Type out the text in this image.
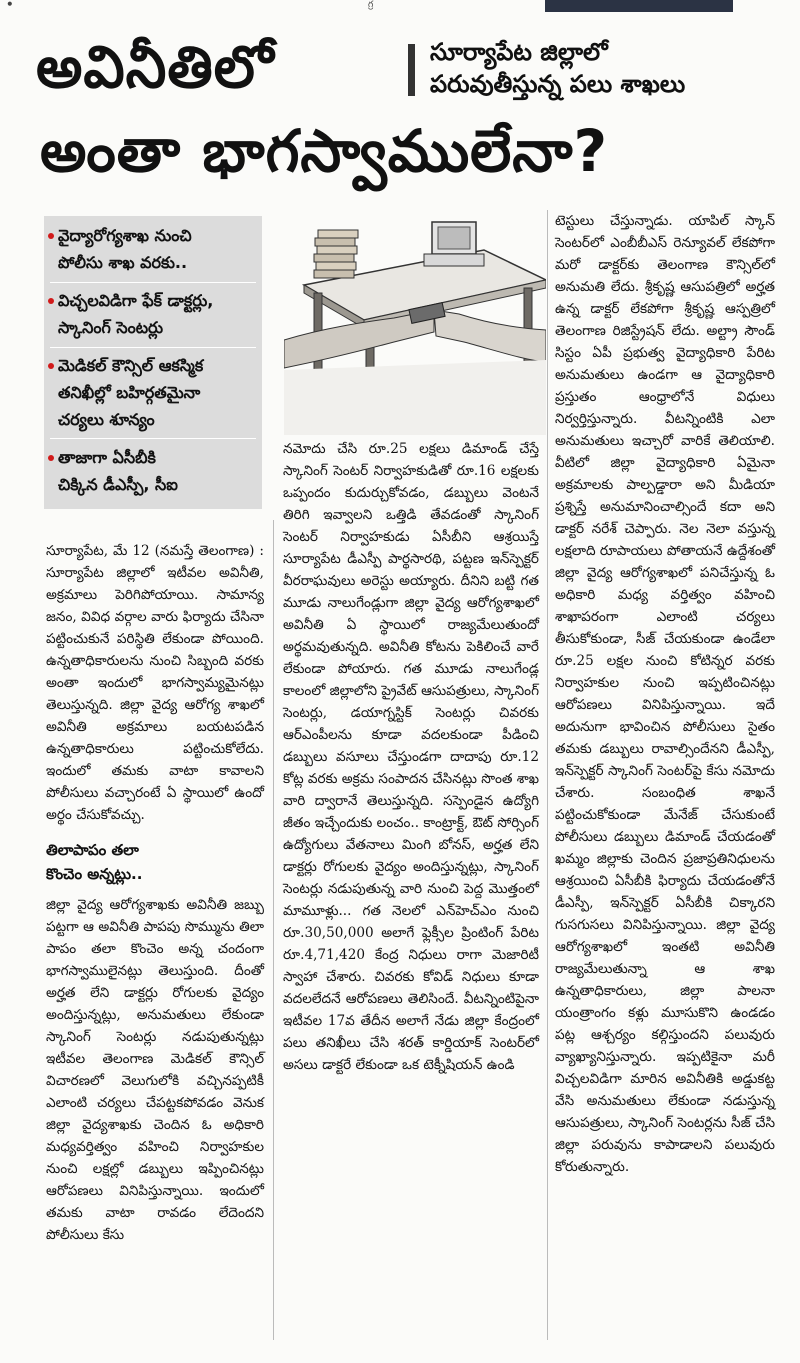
⚫	గ్ర
అవినీతిలో	సూర్యాపేట జిల్లాలో
పరువుతీస్తున్న పలు శాఖలు
అంతా భాగస్వాములేనా?
వైద్యారోగ్యశాఖ నుంచి
పోలీసు శాఖ వరకు..
విచ్చలవిడిగా ఫేక్ డాక్టర్లు,
స్కానింగ్ సెంటర్లు
మెడికల్ కౌన్సిల్ ఆకస్మిక
తనిఖీల్లో బహిర్గతమైనా
చర్యలు శూన్యం
తాజాగా ఏసీబీకి
చిక్కిన డీఎస్పీ, సీఐ

సూర్యాపేట, మే 12 (నమస్తే తెలంగాణ) : సూర్యాపేట జిల్లాలో ఇటీవల అవినీతి, అక్రమాలు పెరిగిపోయాయి. సామాన్య జనం, వివిధ వర్గాల వారు ఫిర్యాదు చేసినా పట్టించుకునే పరిస్థితి లేకుండా పోయింది. ఉన్నతాధికారులను నుంచి సిబ్బంది వరకు అంతా ఇందులో భాగస్వామ్యమైనట్లు తెలుస్తున్నది. జిల్లా వైద్య ఆరోగ్య శాఖలో అవినీతి అక్రమాలు బయటపడిన ఉన్నతాధికారులు పట్టించుకోలేదు. ఇందులో తమకు వాటా కావాలని పోలీసులు వచ్చారంటే ఏ స్థాయిలో ఉందో అర్థం చేసుకోవచ్చు.

తిలాపాపం తలా
కొంచెం అన్నట్లు..

జిల్లా వైద్య ఆరోగ్యశాఖకు అవినీతి జబ్బు పట్టగా ఆ అవినీతి పాపపు సొమ్మును తిలా పాపం తలా కొంచెం అన్న చందంగా భాగస్వాములైనట్లు తెలుస్తుంది. దీంతో అర్హత లేని డాక్టర్లు రోగులకు వైద్యం అందిస్తున్నట్లు, అనుమతులు లేకుండా స్కానింగ్ సెంటర్లు నడుపుతున్నట్లు ఇటీవల తెలంగాణ మెడికల్ కౌన్సిల్ విచారణలో వెలుగులోకి వచ్చినప్పటికీ ఎలాంటి చర్యలు చేపట్టకపోవడం వెనుక జిల్లా వైద్యశాఖకు చెందిన ఓ అధికారి మధ్యవర్తిత్వం వహించి నిర్వాహకుల నుంచి లక్షల్లో డబ్బులు ఇప్పించినట్లు ఆరోపణలు వినిపిస్తున్నాయి. ఇందులో తమకు వాటా రావడం లేదెందని పోలీసులు కేసు

నమోదు చేసి రూ.25 లక్షలు డిమాండ్ చేస్తే స్కానింగ్ సెంటర్ నిర్వాహకుడితో రూ.16 లక్షలకు ఒప్పందం కుదుర్చుకోవడం, డబ్బులు వెంటనే తిరిగి ఇవ్వాలని ఒత్తిడి తేవడంతో స్కానింగ్ సెంటర్ నిర్వాహకుడు ఏసీబీని ఆశ్రయిస్తే సూర్యాపేట డీఎస్పీ పార్థసారథి, పట్టణ ఇన్‌స్పెక్టర్ వీరరాఘవులు అరెస్టు అయ్యారు. దీనిని బట్టి గత మూడు నాలుగేండ్లుగా జిల్లా వైద్య ఆరోగ్యశాఖలో అవినీతి ఏ స్థాయిలో రాజ్యమేలుతుందో అర్థమవుతున్నది. అవినీతి కోటను పెకిలించే వారే లేకుండా పోయారు. గత మూడు నాలుగేండ్ల కాలంలో జిల్లాలోని ప్రైవేట్ ఆసుపత్రులు, స్కానింగ్ సెంటర్లు, డయాగ్నస్టిక్ సెంటర్లు చివరకు ఆర్‌ఎంపీలను కూడా వదలకుండా పీడించి డబ్బులు వసూలు చేస్తుండగా దాదాపు రూ.12 కోట్ల వరకు అక్రమ సంపాదన చేసినట్లు సొంత శాఖ వారి ద్వారానే తెలుస్తున్నది. సస్పెండైన ఉద్యోగి జీతం ఇచ్చేందుకు లంచం.. కాంట్రాక్ట్, ఔట్ సోర్సింగ్ ఉద్యోగులు వేతనాలు మింగి బోనస్, అర్హత లేని డాక్టర్లు రోగులకు వైద్యం అందిస్తున్నట్లు, స్కానింగ్ సెంటర్లు నడుపుతున్న వారి నుంచి పెద్ద మొత్తంలో మామూళ్లు... గత నెలలో ఎన్‌హెచ్‌ఎం నుంచి రూ.30,50,000 అలాగే ఫ్లెక్సీల ప్రింటింగ్ పేరిట రూ.4,71,420 కేంద్ర నిధులు రాగా మెజారిటీ స్వాహా చేశారు. చివరకు కోవిడ్ నిధులు కూడా వదలలేదనే ఆరోపణలు తెలిసిందే. వీటన్నింటిపైనా ఇటీవల 17వ తేదీన అలాగే నేడు జిల్లా కేంద్రంలో పలు తనిఖీలు చేసి శరత్ కార్డియాక్ సెంటర్‌లో అసలు డాక్టరే లేకుండా ఒక టెక్నీషియన్ ఉండి

టెస్టులు చేస్తున్నాడు. యాపిల్ స్కాన్ సెంటర్‌లో ఎంబీబీఎస్ రెన్యూవల్ లేకపోగా మరో డాక్టర్‌కు తెలంగాణ కౌన్సిల్‌లో అనుమతి లేదు. శ్రీకృష్ణ ఆసుపత్రిలో అర్హత ఉన్న డాక్టర్ లేకపోగా శ్రీకృష్ణ ఆస్పత్రిలో తెలంగాణ రిజిస్ట్రేషన్ లేదు. అల్ట్రా సౌండ్ సిస్టం ఏపీ ప్రభుత్వ వైద్యాధికారి పేరిట అనుమతులు ఉండగా ఆ వైద్యాధికారి ప్రస్తుతం ఆంధ్రాలోనే విధులు నిర్వర్తిస్తున్నారు. వీటన్నింటికి ఎలా అనుమతులు ఇచ్చారో వారికే తెలియాలి. వీటిలో జిల్లా వైద్యాధికారి ఏమైనా అక్రమాలకు పాల్పడ్డారా అని మీడియా ప్రశ్నిస్తే అనుమానించాల్సిందే కదా అని డాక్టర్ నరేశ్ చెప్పారు. నెల నెలా వస్తున్న లక్షలాది రూపాయలు పోతాయనే ఉద్దేశంతో జిల్లా వైద్య ఆరోగ్యశాఖలో పనిచేస్తున్న ఓ అధికారి మధ్య వర్తిత్వం వహించి శాఖాపరంగా ఎలాంటి చర్యలు తీసుకోకుండా, సీజ్ చేయకుండా ఉండేలా రూ.25 లక్షల నుంచి కోటిన్నర వరకు నిర్వాహకుల నుంచి ఇప్పటించినట్లు ఆరోపణలు వినిపిస్తున్నాయి. ఇదే అదునుగా భావించిన పోలీసులు సైతం తమకు డబ్బులు రావాల్సిందేనని డీఎస్పీ, ఇన్‌స్పెక్టర్ స్కానింగ్ సెంటర్‌పై కేసు నమోదు చేశారు. సంబంధిత శాఖనే పట్టించుకోకుండా మేనేజ్ చేసుకుంటే పోలీసులు డబ్బులు డిమాండ్ చేయడంతో ఖమ్మం జిల్లాకు చెందిన ప్రజాప్రతినిధులను ఆశ్రయించి ఏసీబీకి ఫిర్యాదు చేయడంతోనే డీఎస్పీ, ఇన్‌స్పెక్టర్ ఏసీబీకి చిక్కారని గుసగుసలు వినిపిస్తున్నాయి. జిల్లా వైద్య ఆరోగ్యశాఖలో ఇంతటి అవినీతి రాజ్యమేలుతున్నా ఆ శాఖ ఉన్నతాధికారులు, జిల్లా పాలనా యంత్రాంగం కళ్లు మూసుకొని ఉండడం పట్ల ఆశ్చర్యం కల్గిస్తుందని పలువురు వ్యాఖ్యానిస్తున్నారు. ఇప్పటికైనా మరీ విచ్చలవిడిగా మారిన అవినీతికి అడ్డుకట్ట వేసి అనుమతులు లేకుండా నడుస్తున్న ఆసుపత్రులు, స్కానింగ్ సెంటర్లను సీజ్ చేసి జిల్లా పరువును కాపాడాలని పలువురు కోరుతున్నారు.
